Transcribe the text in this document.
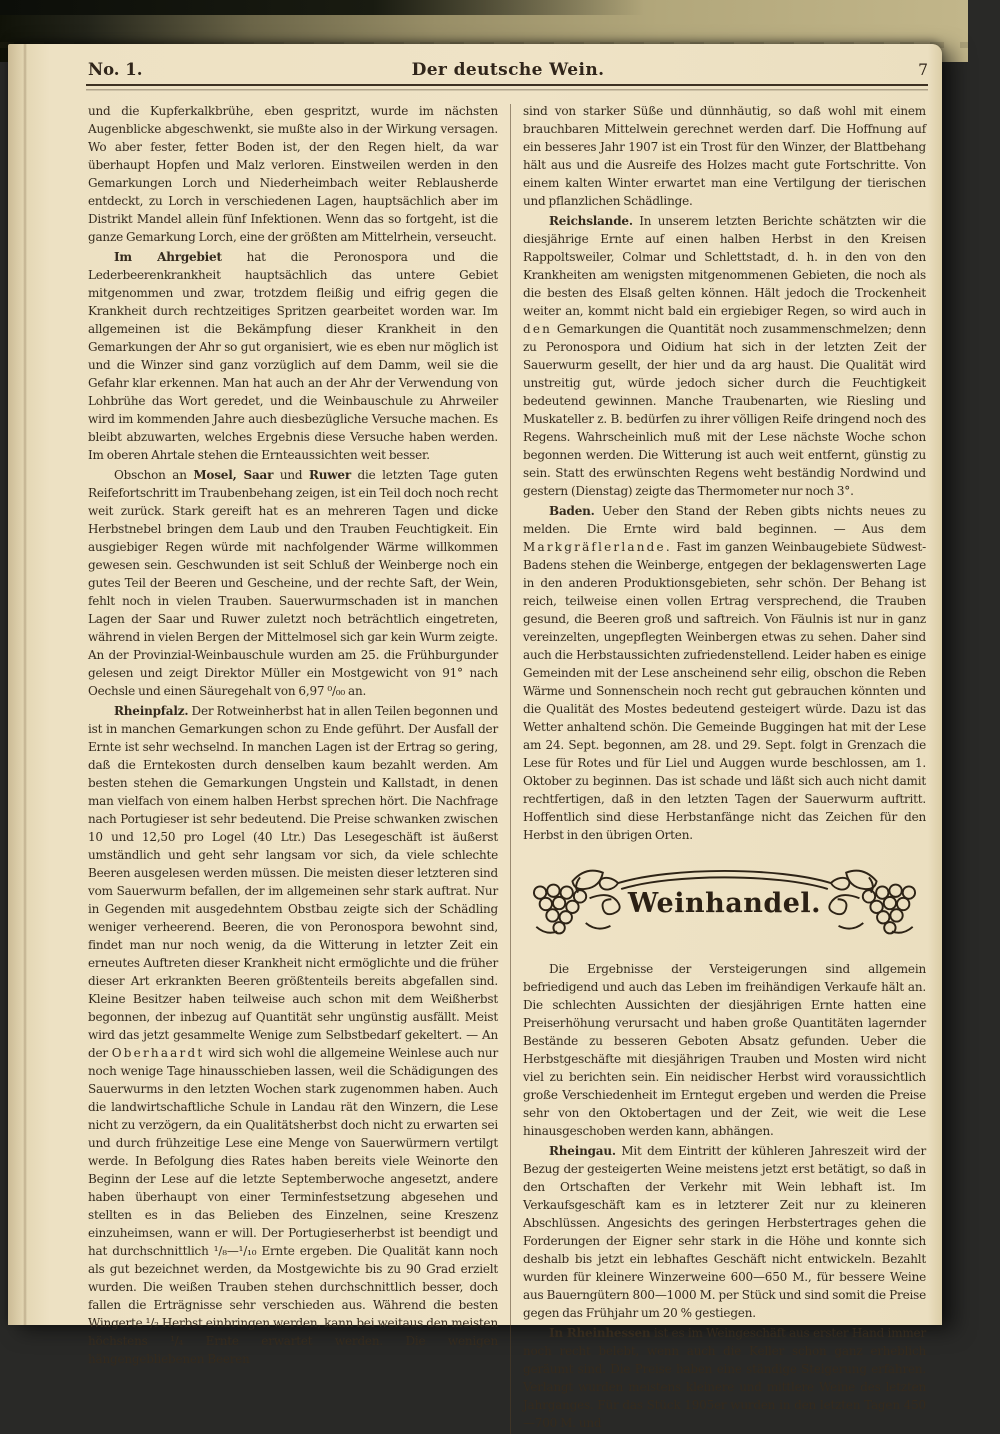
No. 1.	Der deutsche Wein.	7

und die Kupferkalkbrühe, eben gespritzt, wurde im nächsten Augenblicke abgeschwenkt, sie mußte also in der Wirkung versagen. Wo aber fester, fetter Boden ist, der den Regen hielt, da war überhaupt Hopfen und Malz verloren. Einstweilen werden in den Gemarkungen Lorch und Niederheimbach weiter Reblausherde entdeckt, zu Lorch in verschiedenen Lagen, hauptsächlich aber im Distrikt Mandel allein fünf Infektionen. Wenn das so fortgeht, ist die ganze Gemarkung Lorch, eine der größten am Mittelrhein, verseucht.

Im Ahrgebiet hat die Peronospora und die Lederbeerenkrankheit hauptsächlich das untere Gebiet mitgenommen und zwar, trotzdem fleißig und eifrig gegen die Krankheit durch rechtzeitiges Spritzen gearbeitet worden war. Im allgemeinen ist die Bekämpfung dieser Krankheit in den Gemarkungen der Ahr so gut organisiert, wie es eben nur möglich ist und die Winzer sind ganz vorzüglich auf dem Damm, weil sie die Gefahr klar erkennen. Man hat auch an der Ahr der Verwendung von Lohbrühe das Wort geredet, und die Weinbauschule zu Ahrweiler wird im kommenden Jahre auch diesbezügliche Versuche machen. Es bleibt abzuwarten, welches Ergebnis diese Versuche haben werden. Im oberen Ahrtale stehen die Ernteaussichten weit besser.

Obschon an Mosel, Saar und Ruwer die letzten Tage guten Reifefortschritt im Traubenbehang zeigen, ist ein Teil doch noch recht weit zurück. Stark gereift hat es an mehreren Tagen und dicke Herbstnebel bringen dem Laub und den Trauben Feuchtigkeit. Ein ausgiebiger Regen würde mit nachfolgender Wärme willkommen gewesen sein. Geschwunden ist seit Schluß der Weinberge noch ein gutes Teil der Beeren und Gescheine, und der rechte Saft, der Wein, fehlt noch in vielen Trauben. Sauerwurmschaden ist in manchen Lagen der Saar und Ruwer zuletzt noch beträchtlich eingetreten, während in vielen Bergen der Mittelmosel sich gar kein Wurm zeigte. An der Provinzial-Weinbauschule wurden am 25. die Frühburgunder gelesen und zeigt Direktor Müller ein Mostgewicht von 91° nach Oechsle und einen Säuregehalt von 6,97 ⁰/₀₀ an.

Rheinpfalz. Der Rotweinherbst hat in allen Teilen begonnen und ist in manchen Gemarkungen schon zu Ende geführt. Der Ausfall der Ernte ist sehr wechselnd. In manchen Lagen ist der Ertrag so gering, daß die Erntekosten durch denselben kaum bezahlt werden. Am besten stehen die Gemarkungen Ungstein und Kallstadt, in denen man vielfach von einem halben Herbst sprechen hört. Die Nachfrage nach Portugieser ist sehr bedeutend. Die Preise schwanken zwischen 10 und 12,50 pro Logel (40 Ltr.) Das Lesegeschäft ist äußerst umständlich und geht sehr langsam vor sich, da viele schlechte Beeren ausgelesen werden müssen. Die meisten dieser letzteren sind vom Sauerwurm befallen, der im allgemeinen sehr stark auftrat. Nur in Gegenden mit ausgedehntem Obstbau zeigte sich der Schädling weniger verheerend. Beeren, die von Peronospora bewohnt sind, findet man nur noch wenig, da die Witterung in letzter Zeit ein erneutes Auftreten dieser Krankheit nicht ermöglichte und die früher dieser Art erkrankten Beeren größtenteils bereits abgefallen sind. Kleine Besitzer haben teilweise auch schon mit dem Weißherbst begonnen, der inbezug auf Quantität sehr ungünstig ausfällt. Meist wird das jetzt gesammelte Wenige zum Selbstbedarf gekeltert. — An der Oberhaardt wird sich wohl die allgemeine Weinlese auch nur noch wenige Tage hinausschieben lassen, weil die Schädigungen des Sauerwurms in den letzten Wochen stark zugenommen haben. Auch die landwirtschaftliche Schule in Landau rät den Winzern, die Lese nicht zu verzögern, da ein Qualitätsherbst doch nicht zu erwarten sei und durch frühzeitige Lese eine Menge von Sauerwürmern vertilgt werde. In Befolgung dies Rates haben bereits viele Weinorte den Beginn der Lese auf die letzte Septemberwoche angesetzt, andere haben überhaupt von einer Terminfestsetzung abgesehen und stellten es in das Belieben des Einzelnen, seine Kreszenz einzuheimsen, wann er will. Der Portugieserherbst ist beendigt und hat durchschnittlich ¹/₈—¹/₁₀ Ernte ergeben. Die Qualität kann noch als gut bezeichnet werden, da Mostgewichte bis zu 90 Grad erzielt wurden. Die weißen Trauben stehen durchschnittlich besser, doch fallen die Erträgnisse sehr verschieden aus. Während die besten Wingerte ¹/₂ Herbst einbringen werden, kann bei weitaus den meisten höchstens ¹/₄ Ernte erwartet werden. Die wenigen hängengebliebenen Beeren

sind von starker Süße und dünnhäutig, so daß wohl mit einem brauchbaren Mittelwein gerechnet werden darf. Die Hoffnung auf ein besseres Jahr 1907 ist ein Trost für den Winzer, der Blattbehang hält aus und die Ausreife des Holzes macht gute Fortschritte. Von einem kalten Winter erwartet man eine Vertilgung der tierischen und pflanzlichen Schädlinge.

Reichslande. In unserem letzten Berichte schätzten wir die diesjährige Ernte auf einen halben Herbst in den Kreisen Rappoltsweiler, Colmar und Schlettstadt, d. h. in den von den Krankheiten am wenigsten mitgenommenen Gebieten, die noch als die besten des Elsaß gelten können. Hält jedoch die Trockenheit weiter an, kommt nicht bald ein ergiebiger Regen, so wird auch in den Gemarkungen die Quantität noch zusammenschmelzen; denn zu Peronospora und Oidium hat sich in der letzten Zeit der Sauerwurm gesellt, der hier und da arg haust. Die Qualität wird unstreitig gut, würde jedoch sicher durch die Feuchtigkeit bedeutend gewinnen. Manche Traubenarten, wie Riesling und Muskateller z. B. bedürfen zu ihrer völligen Reife dringend noch des Regens. Wahrscheinlich muß mit der Lese nächste Woche schon begonnen werden. Die Witterung ist auch weit entfernt, günstig zu sein. Statt des erwünschten Regens weht beständig Nordwind und gestern (Dienstag) zeigte das Thermometer nur noch 3°.

Baden. Ueber den Stand der Reben gibts nichts neues zu melden. Die Ernte wird bald beginnen. — Aus dem Markgräflerlande. Fast im ganzen Weinbaugebiete Südwest-Badens stehen die Weinberge, entgegen der beklagenswerten Lage in den anderen Produktionsgebieten, sehr schön. Der Behang ist reich, teilweise einen vollen Ertrag versprechend, die Trauben gesund, die Beeren groß und saftreich. Von Fäulnis ist nur in ganz vereinzelten, ungepflegten Weinbergen etwas zu sehen. Daher sind auch die Herbstaussichten zufriedenstellend. Leider haben es einige Gemeinden mit der Lese anscheinend sehr eilig, obschon die Reben Wärme und Sonnenschein noch recht gut gebrauchen könnten und die Qualität des Mostes bedeutend gesteigert würde. Dazu ist das Wetter anhaltend schön. Die Gemeinde Buggingen hat mit der Lese am 24. Sept. begonnen, am 28. und 29. Sept. folgt in Grenzach die Lese für Rotes und für Liel und Auggen wurde beschlossen, am 1. Oktober zu beginnen. Das ist schade und läßt sich auch nicht damit rechtfertigen, daß in den letzten Tagen der Sauerwurm auftritt. Hoffentlich sind diese Herbstanfänge nicht das Zeichen für den Herbst in den übrigen Orten.

Weinhandel.

Die Ergebnisse der Versteigerungen sind allgemein befriedigend und auch das Leben im freihändigen Verkaufe hält an. Die schlechten Aussichten der diesjährigen Ernte hatten eine Preiserhöhung verursacht und haben große Quantitäten lagernder Bestände zu besseren Geboten Absatz gefunden. Ueber die Herbstgeschäfte mit diesjährigen Trauben und Mosten wird nicht viel zu berichten sein. Ein neidischer Herbst wird voraussichtlich große Verschiedenheit im Erntegut ergeben und werden die Preise sehr von den Oktobertagen und der Zeit, wie weit die Lese hinausgeschoben werden kann, abhängen.

Rheingau. Mit dem Eintritt der kühleren Jahreszeit wird der Bezug der gesteigerten Weine meistens jetzt erst betätigt, so daß in den Ortschaften der Verkehr mit Wein lebhaft ist. Im Verkaufsgeschäft kam es in letzterer Zeit nur zu kleineren Abschlüssen. Angesichts des geringen Herbstertrages gehen die Forderungen der Eigner sehr stark in die Höhe und konnte sich deshalb bis jetzt ein lebhaftes Geschäft nicht entwickeln. Bezahlt wurden für kleinere Winzerweine 600—650 M., für bessere Weine aus Bauerngütern 800—1000 M. per Stück und sind somit die Preise gegen das Frühjahr um 20 % gestiegen.

In Rheinhessen ist es im Weingeschäft aus erster Hand immer noch recht belebt, wenn auch die Keller schon ganz erheblich geräumt sind. Die Preise haben eine ständige Steigerung erfahren. Verlangt wurden meistens kleinere und mittlere Weine des letzten Jahrganges. Für das Stück 1905er wurden in den letzten Tagen 450—700 M. und
